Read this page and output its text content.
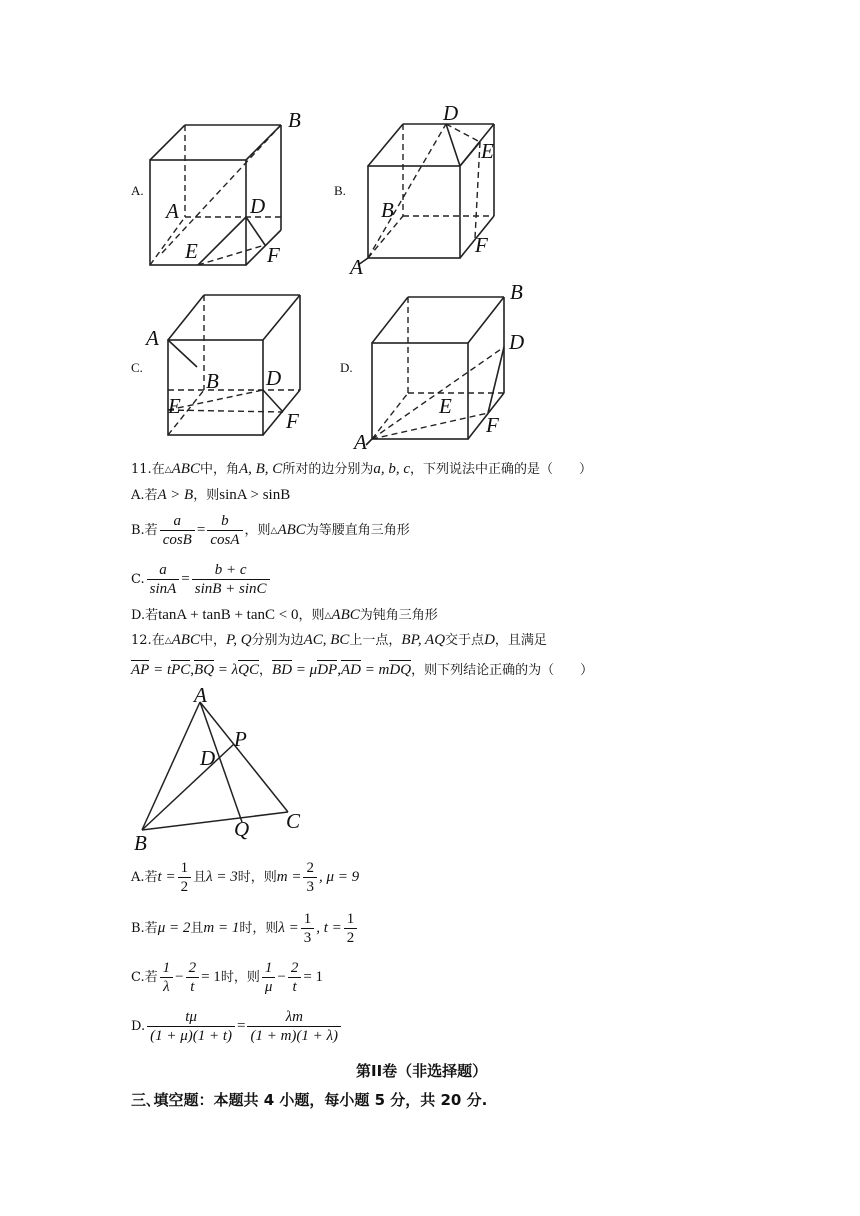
A.
B
A	D
E	F
B.
D
E
B
A
F
C.
A
B D
E
F
D.
B
D
E
F
A
11.在△ABC中，角A, B, C所对的边分别为a, b, c，下列说法中正确的是（　　）
A.若A > B，则sinA > sinB
B.若 $\frac{a}{\cos B} = \frac{b}{\cos A}$ ，则△ABC为等腰直角三角形
C. $\frac{a}{\sin A} = \frac{b + c}{\sin B + \sin C}$
D.若tanA + tanB + tanC < 0，则△ABC为钝角三角形
12.在△ABC中，P, Q分别为边AC, BC上一点，BP, AQ交于点D，且满足
AP = tPC,BQ = λQC，BD = μDP,AD = mDQ，则下列结论正确的为（　　）
A
P
D
B
Q C
A.若$t = \frac{1}{2}$ 且λ = 3时，则$m = \frac{2}{3}$ , μ = 9
B.若μ = 2且m = 1时，则$\lambda = \frac{1}{3}$ , $t = \frac{1}{2}$
C.若 $\frac{1}{\lambda} - \frac{2}{t} = 1$时，则 $\frac{1}{\mu} - \frac{2}{t} = 1$
D. $\frac{t\mu}{(1 + \mu)(1 + t)} = \frac{\lambda m}{(1 + m)(1 + \lambda)}$
第II卷（非选择题）
三､填空题：本题共 4 小题，每小题 5 分，共 20 分.
